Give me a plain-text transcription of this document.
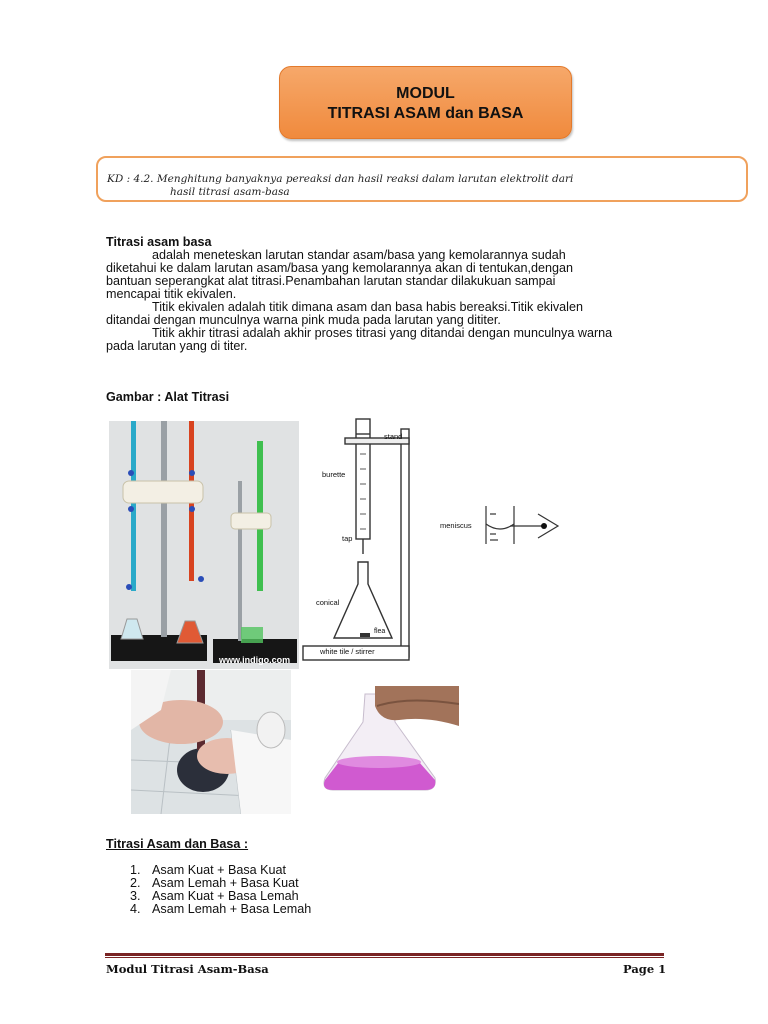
MODUL
TITRASI ASAM dan BASA
KD : 4.2. Menghitung banyaknya pereaksi dan hasil reaksi dalam larutan elektrolit dari
hasil titrasi asam-basa
Titrasi asam basa
adalah meneteskan larutan standar asam/basa yang kemolarannya sudah
diketahui ke dalam larutan asam/basa yang kemolarannya akan di tentukan,dengan
bantuan seperangkat alat titrasi.Penambahan larutan standar dilakukuan sampai
mencapai titik ekivalen.
Titik ekivalen adalah titik dimana asam dan basa habis bereaksi.Titik ekivalen
ditandai dengan munculnya warna pink muda pada larutan yang dititer.
Titik akhir titrasi adalah akhir proses titrasi yang ditandai dengan munculnya warna
pada larutan yang di titer.
Gambar : Alat Titrasi
www.indigo.com
stand
burette
tap
conical
flea
white tile / stirrer
meniscus
Titrasi Asam dan Basa :
1. Asam Kuat + Basa Kuat
2. Asam Lemah + Basa Kuat
3. Asam Kuat + Basa Lemah
4. Asam Lemah + Basa Lemah
Modul Titrasi Asam-Basa	Page 1
